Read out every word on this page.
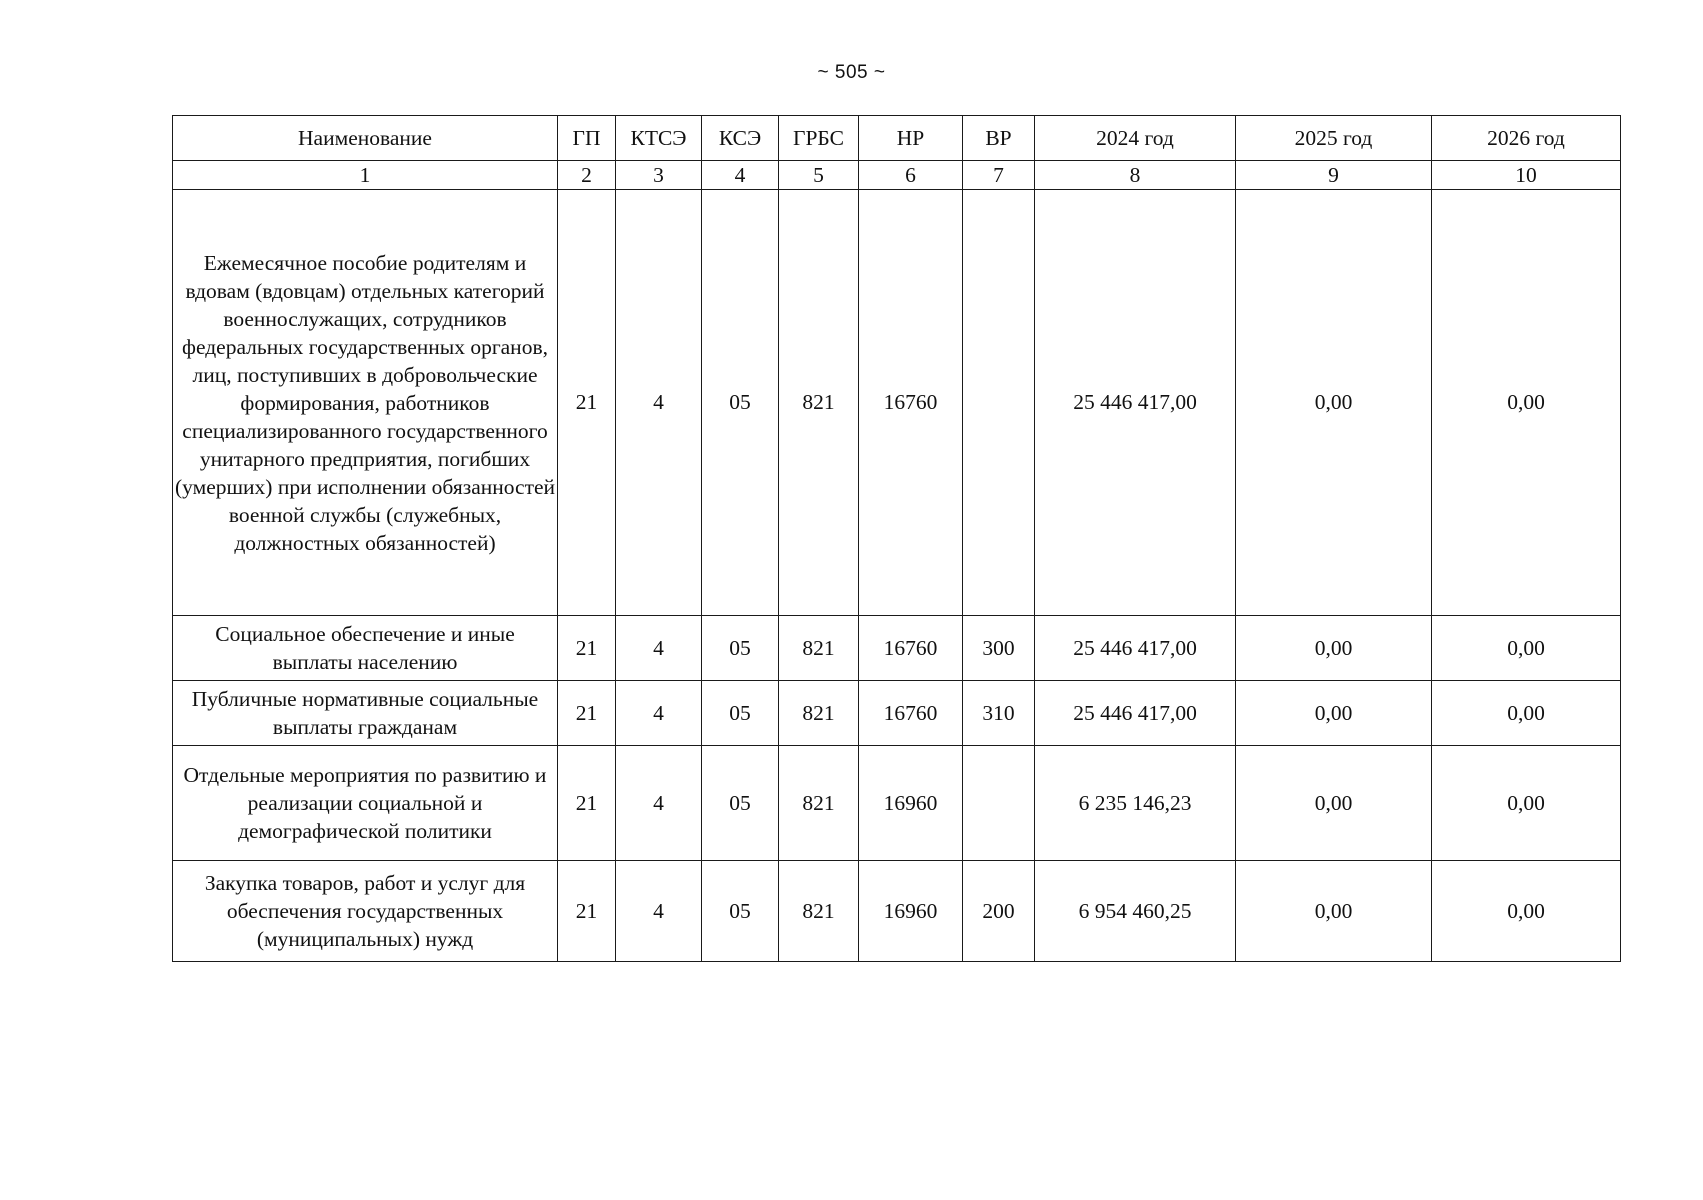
~ 505 ~
Наименование	ГП	КТСЭ	КСЭ	ГРБС	НР	ВР	2024 год	2025 год	2026 год
1	2	3	4	5	6	7	8	9	10
Ежемесячное пособие родителям и вдовам (вдовцам) отдельных категорий военнослужащих, сотрудников федеральных государственных органов, лиц, поступивших в добровольческие формирования, работников специализированного государственного унитарного предприятия, погибших (умерших) при исполнении обязанностей военной службы (служебных, должностных обязанностей)	21	4	05	821	16760		25 446 417,00	0,00	0,00
Социальное обеспечение и иные выплаты населению	21	4	05	821	16760	300	25 446 417,00	0,00	0,00
Публичные нормативные социальные выплаты гражданам	21	4	05	821	16760	310	25 446 417,00	0,00	0,00
Отдельные мероприятия по развитию и реализации социальной и демографической политики	21	4	05	821	16960		6 235 146,23	0,00	0,00
Закупка товаров, работ и услуг для обеспечения государственных (муниципальных) нужд	21	4	05	821	16960	200	6 954 460,25	0,00	0,00
